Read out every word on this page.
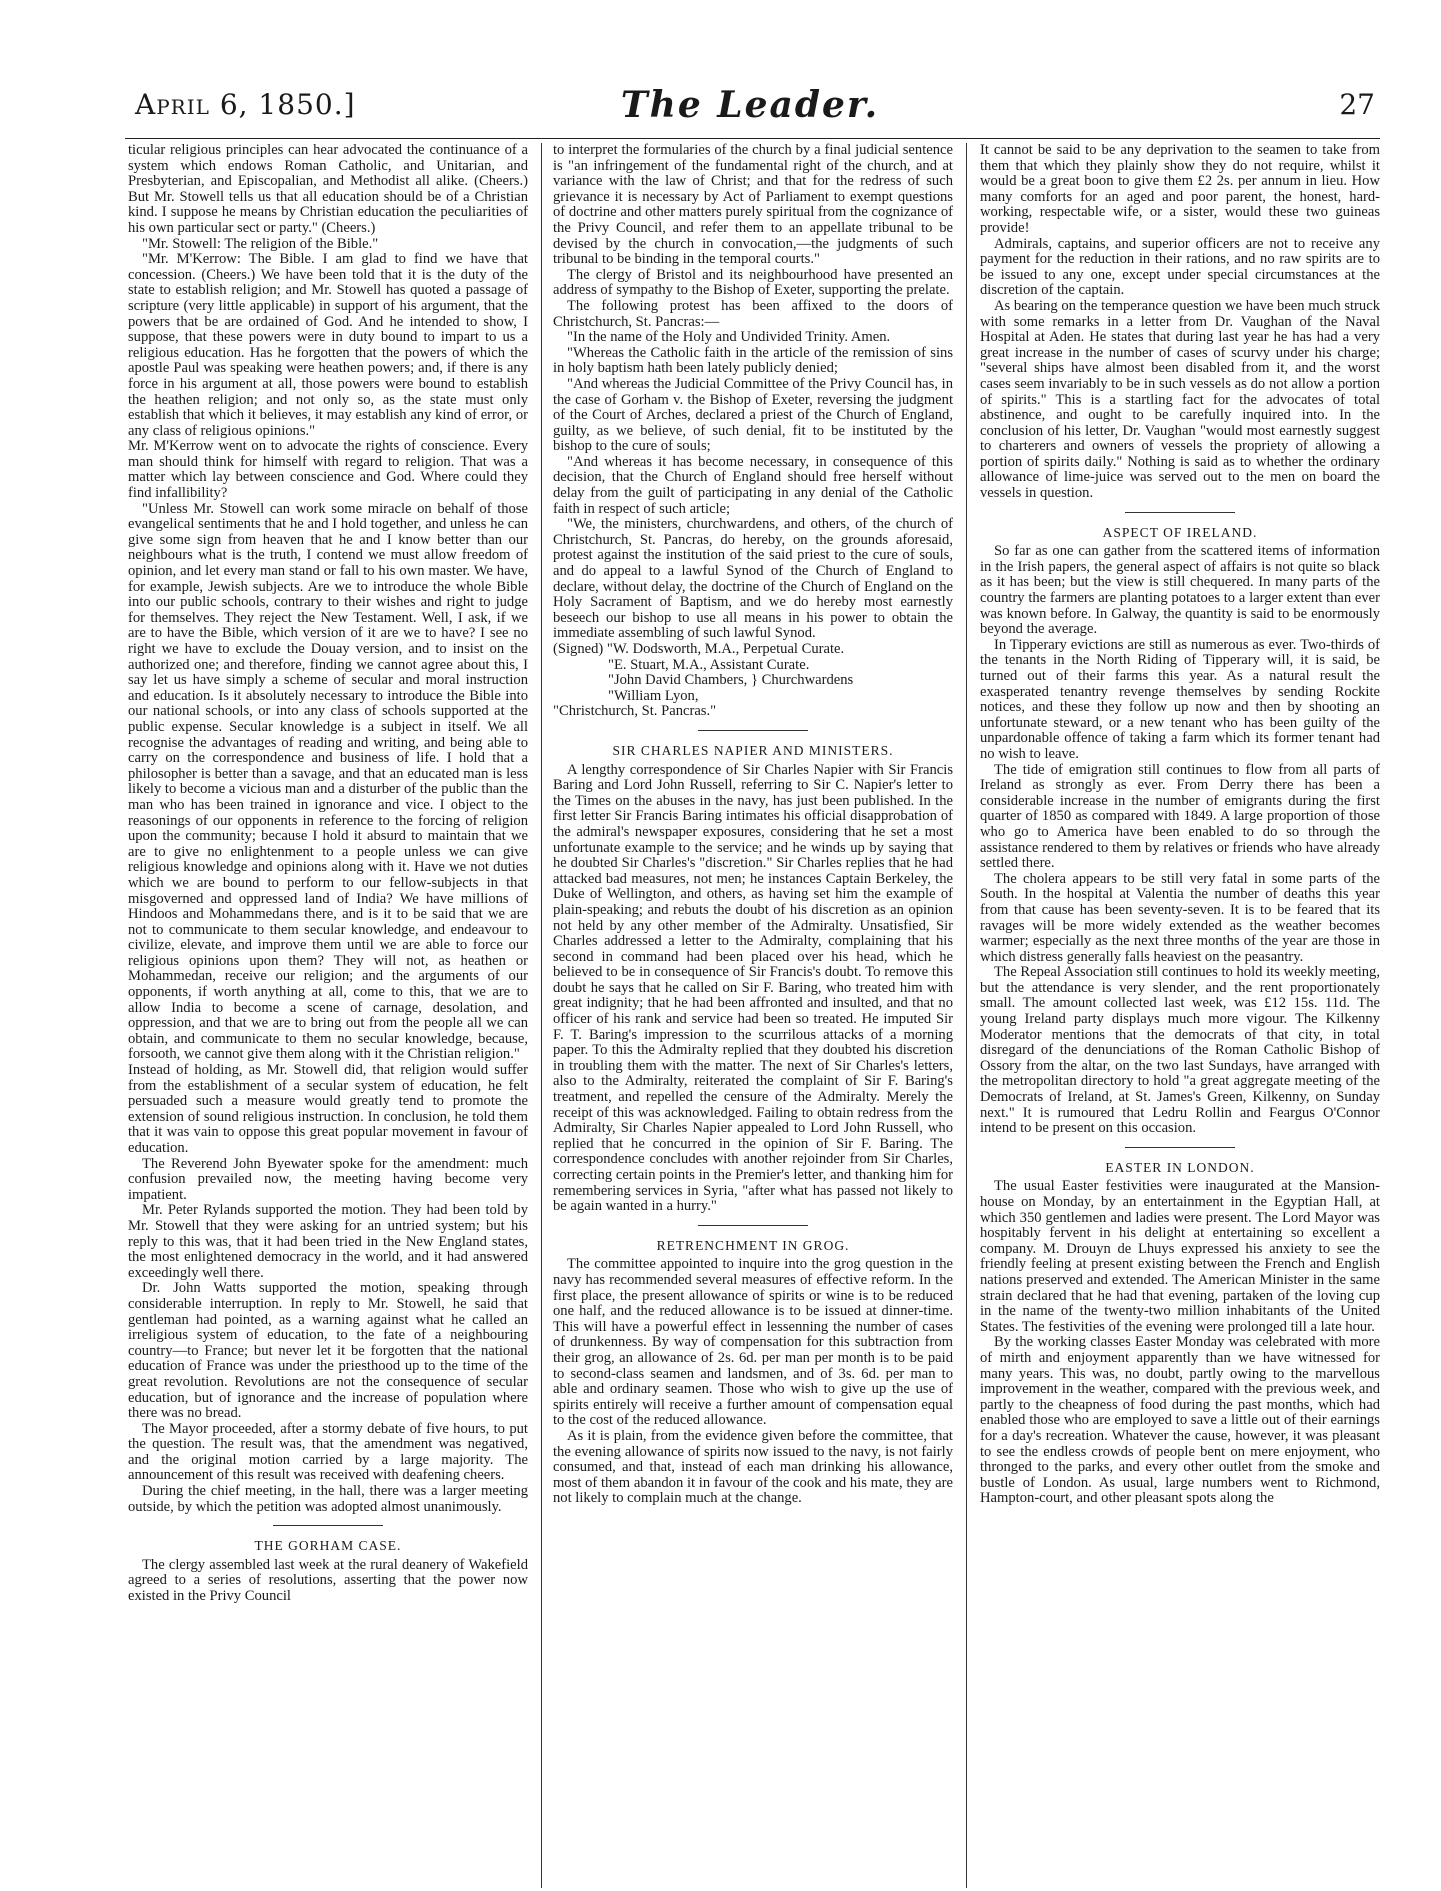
April 6, 1850.]	The Leader.	27

ticular religious principles can hear advocated the continuance of a system which endows Roman Catholic, and Unitarian, and Presbyterian, and Episcopalian, and Methodist all alike. (Cheers.) But Mr. Stowell tells us that all education should be of a Christian kind. I suppose he means by Christian education the peculiarities of his own particular sect or party." (Cheers.)

"Mr. Stowell: The religion of the Bible."

"Mr. M'Kerrow: The Bible. I am glad to find we have that concession. (Cheers.) We have been told that it is the duty of the state to establish religion; and Mr. Stowell has quoted a passage of scripture (very little applicable) in support of his argument, that the powers that be are ordained of God. And he intended to show, I suppose, that these powers were in duty bound to impart to us a religious education. Has he forgotten that the powers of which the apostle Paul was speaking were heathen powers; and, if there is any force in his argument at all, those powers were bound to establish the heathen religion; and not only so, as the state must only establish that which it believes, it may establish any kind of error, or any class of religious opinions."

Mr. M'Kerrow went on to advocate the rights of conscience. Every man should think for himself with regard to religion. That was a matter which lay between conscience and God. Where could they find infallibility?

"Unless Mr. Stowell can work some miracle on behalf of those evangelical sentiments that he and I hold together, and unless he can give some sign from heaven that he and I know better than our neighbours what is the truth, I contend we must allow freedom of opinion, and let every man stand or fall to his own master. We have, for example, Jewish subjects. Are we to introduce the whole Bible into our public schools, contrary to their wishes and right to judge for themselves. They reject the New Testament. Well, I ask, if we are to have the Bible, which version of it are we to have? I see no right we have to exclude the Douay version, and to insist on the authorized one; and therefore, finding we cannot agree about this, I say let us have simply a scheme of secular and moral instruction and education. Is it absolutely necessary to introduce the Bible into our national schools, or into any class of schools supported at the public expense. Secular knowledge is a subject in itself. We all recognise the advantages of reading and writing, and being able to carry on the correspondence and business of life. I hold that a philosopher is better than a savage, and that an educated man is less likely to become a vicious man and a disturber of the public than the man who has been trained in ignorance and vice. I object to the reasonings of our opponents in reference to the forcing of religion upon the community; because I hold it absurd to maintain that we are to give no enlightenment to a people unless we can give religious knowledge and opinions along with it. Have we not duties which we are bound to perform to our fellow-subjects in that misgoverned and oppressed land of India? We have millions of Hindoos and Mohammedans there, and is it to be said that we are not to communicate to them secular knowledge, and endeavour to civilize, elevate, and improve them until we are able to force our religious opinions upon them? They will not, as heathen or Mohammedan, receive our religion; and the arguments of our opponents, if worth anything at all, come to this, that we are to allow India to become a scene of carnage, desolation, and oppression, and that we are to bring out from the people all we can obtain, and communicate to them no secular knowledge, because, forsooth, we cannot give them along with it the Christian religion."

Instead of holding, as Mr. Stowell did, that religion would suffer from the establishment of a secular system of education, he felt persuaded such a measure would greatly tend to promote the extension of sound religious instruction. In conclusion, he told them that it was vain to oppose this great popular movement in favour of education.

The Reverend John Byewater spoke for the amendment: much confusion prevailed now, the meeting having become very impatient.

Mr. Peter Rylands supported the motion. They had been told by Mr. Stowell that they were asking for an untried system; but his reply to this was, that it had been tried in the New England states, the most enlightened democracy in the world, and it had answered exceedingly well there.

Dr. John Watts supported the motion, speaking through considerable interruption. In reply to Mr. Stowell, he said that gentleman had pointed, as a warning against what he called an irreligious system of education, to the fate of a neighbouring country—to France; but never let it be forgotten that the national education of France was under the priesthood up to the time of the great revolution. Revolutions are not the consequence of secular education, but of ignorance and the increase of population where there was no bread.

The Mayor proceeded, after a stormy debate of five hours, to put the question. The result was, that the amendment was negatived, and the original motion carried by a large majority. The announcement of this result was received with deafening cheers.

During the chief meeting, in the hall, there was a larger meeting outside, by which the petition was adopted almost unanimously.

THE GORHAM CASE.

The clergy assembled last week at the rural deanery of Wakefield agreed to a series of resolutions, asserting that the power now existed in the Privy Council

to interpret the formularies of the church by a final judicial sentence is "an infringement of the fundamental right of the church, and at variance with the law of Christ; and that for the redress of such grievance it is necessary by Act of Parliament to exempt questions of doctrine and other matters purely spiritual from the cognizance of the Privy Council, and refer them to an appellate tribunal to be devised by the church in convocation,—the judgments of such tribunal to be binding in the temporal courts."

The clergy of Bristol and its neighbourhood have presented an address of sympathy to the Bishop of Exeter, supporting the prelate.

The following protest has been affixed to the doors of Christchurch, St. Pancras:—

"In the name of the Holy and Undivided Trinity. Amen.

"Whereas the Catholic faith in the article of the remission of sins in holy baptism hath been lately publicly denied;

"And whereas the Judicial Committee of the Privy Council has, in the case of Gorham v. the Bishop of Exeter, reversing the judgment of the Court of Arches, declared a priest of the Church of England, guilty, as we believe, of such denial, fit to be instituted by the bishop to the cure of souls;

"And whereas it has become necessary, in consequence of this decision, that the Church of England should free herself without delay from the guilt of participating in any denial of the Catholic faith in respect of such article;

"We, the ministers, churchwardens, and others, of the church of Christchurch, St. Pancras, do hereby, on the grounds aforesaid, protest against the institution of the said priest to the cure of souls, and do appeal to a lawful Synod of the Church of England to declare, without delay, the doctrine of the Church of England on the Holy Sacrament of Baptism, and we do hereby most earnestly beseech our bishop to use all means in his power to obtain the immediate assembling of such lawful Synod.

(Signed) "W. Dodsworth, M.A., Perpetual Curate.
"E. Stuart, M.A., Assistant Curate.
"John David Chambers, } Churchwardens
"William Lyon,
"Christchurch, St. Pancras."
SIR CHARLES NAPIER AND MINISTERS.

A lengthy correspondence of Sir Charles Napier with Sir Francis Baring and Lord John Russell, referring to Sir C. Napier's letter to the Times on the abuses in the navy, has just been published. In the first letter Sir Francis Baring intimates his official disapprobation of the admiral's newspaper exposures, considering that he set a most unfortunate example to the service; and he winds up by saying that he doubted Sir Charles's "discretion." Sir Charles replies that he had attacked bad measures, not men; he instances Captain Berkeley, the Duke of Wellington, and others, as having set him the example of plain-speaking; and rebuts the doubt of his discretion as an opinion not held by any other member of the Admiralty. Unsatisfied, Sir Charles addressed a letter to the Admiralty, complaining that his second in command had been placed over his head, which he believed to be in consequence of Sir Francis's doubt. To remove this doubt he says that he called on Sir F. Baring, who treated him with great indignity; that he had been affronted and insulted, and that no officer of his rank and service had been so treated. He imputed Sir F. T. Baring's impression to the scurrilous attacks of a morning paper. To this the Admiralty replied that they doubted his discretion in troubling them with the matter. The next of Sir Charles's letters, also to the Admiralty, reiterated the complaint of Sir F. Baring's treatment, and repelled the censure of the Admiralty. Merely the receipt of this was acknowledged. Failing to obtain redress from the Admiralty, Sir Charles Napier appealed to Lord John Russell, who replied that he concurred in the opinion of Sir F. Baring. The correspondence concludes with another rejoinder from Sir Charles, correcting certain points in the Premier's letter, and thanking him for remembering services in Syria, "after what has passed not likely to be again wanted in a hurry."

RETRENCHMENT IN GROG.

The committee appointed to inquire into the grog question in the navy has recommended several measures of effective reform. In the first place, the present allowance of spirits or wine is to be reduced one half, and the reduced allowance is to be issued at dinner-time. This will have a powerful effect in lessenning the number of cases of drunkenness. By way of compensation for this subtraction from their grog, an allowance of 2s. 6d. per man per month is to be paid to second-class seamen and landsmen, and of 3s. 6d. per man to able and ordinary seamen. Those who wish to give up the use of spirits entirely will receive a further amount of compensation equal to the cost of the reduced allowance.

As it is plain, from the evidence given before the committee, that the evening allowance of spirits now issued to the navy, is not fairly consumed, and that, instead of each man drinking his allowance, most of them abandon it in favour of the cook and his mate, they are not likely to complain much at the change.

It cannot be said to be any deprivation to the seamen to take from them that which they plainly show they do not require, whilst it would be a great boon to give them £2 2s. per annum in lieu. How many comforts for an aged and poor parent, the honest, hard-working, respectable wife, or a sister, would these two guineas provide!

Admirals, captains, and superior officers are not to receive any payment for the reduction in their rations, and no raw spirits are to be issued to any one, except under special circumstances at the discretion of the captain.

As bearing on the temperance question we have been much struck with some remarks in a letter from Dr. Vaughan of the Naval Hospital at Aden. He states that during last year he has had a very great increase in the number of cases of scurvy under his charge; "several ships have almost been disabled from it, and the worst cases seem invariably to be in such vessels as do not allow a portion of spirits." This is a startling fact for the advocates of total abstinence, and ought to be carefully inquired into. In the conclusion of his letter, Dr. Vaughan "would most earnestly suggest to charterers and owners of vessels the propriety of allowing a portion of spirits daily." Nothing is said as to whether the ordinary allowance of lime-juice was served out to the men on board the vessels in question.

ASPECT OF IRELAND.

So far as one can gather from the scattered items of information in the Irish papers, the general aspect of affairs is not quite so black as it has been; but the view is still chequered. In many parts of the country the farmers are planting potatoes to a larger extent than ever was known before. In Galway, the quantity is said to be enormously beyond the average.

In Tipperary evictions are still as numerous as ever. Two-thirds of the tenants in the North Riding of Tipperary will, it is said, be turned out of their farms this year. As a natural result the exasperated tenantry revenge themselves by sending Rockite notices, and these they follow up now and then by shooting an unfortunate steward, or a new tenant who has been guilty of the unpardonable offence of taking a farm which its former tenant had no wish to leave.

The tide of emigration still continues to flow from all parts of Ireland as strongly as ever. From Derry there has been a considerable increase in the number of emigrants during the first quarter of 1850 as compared with 1849. A large proportion of those who go to America have been enabled to do so through the assistance rendered to them by relatives or friends who have already settled there.

The cholera appears to be still very fatal in some parts of the South. In the hospital at Valentia the number of deaths this year from that cause has been seventy-seven. It is to be feared that its ravages will be more widely extended as the weather becomes warmer; especially as the next three months of the year are those in which distress generally falls heaviest on the peasantry.

The Repeal Association still continues to hold its weekly meeting, but the attendance is very slender, and the rent proportionately small. The amount collected last week, was £12 15s. 11d. The young Ireland party displays much more vigour. The Kilkenny Moderator mentions that the democrats of that city, in total disregard of the denunciations of the Roman Catholic Bishop of Ossory from the altar, on the two last Sundays, have arranged with the metropolitan directory to hold "a great aggregate meeting of the Democrats of Ireland, at St. James's Green, Kilkenny, on Sunday next." It is rumoured that Ledru Rollin and Feargus O'Connor intend to be present on this occasion.

EASTER IN LONDON.

The usual Easter festivities were inaugurated at the Mansion-house on Monday, by an entertainment in the Egyptian Hall, at which 350 gentlemen and ladies were present. The Lord Mayor was hospitably fervent in his delight at entertaining so excellent a company. M. Drouyn de Lhuys expressed his anxiety to see the friendly feeling at present existing between the French and English nations preserved and extended. The American Minister in the same strain declared that he had that evening, partaken of the loving cup in the name of the twenty-two million inhabitants of the United States. The festivities of the evening were prolonged till a late hour.

By the working classes Easter Monday was celebrated with more of mirth and enjoyment apparently than we have witnessed for many years. This was, no doubt, partly owing to the marvellous improvement in the weather, compared with the previous week, and partly to the cheapness of food during the past months, which had enabled those who are employed to save a little out of their earnings for a day's recreation. Whatever the cause, however, it was pleasant to see the endless crowds of people bent on mere enjoyment, who thronged to the parks, and every other outlet from the smoke and bustle of London. As usual, large numbers went to Richmond, Hampton-court, and other pleasant spots along the
